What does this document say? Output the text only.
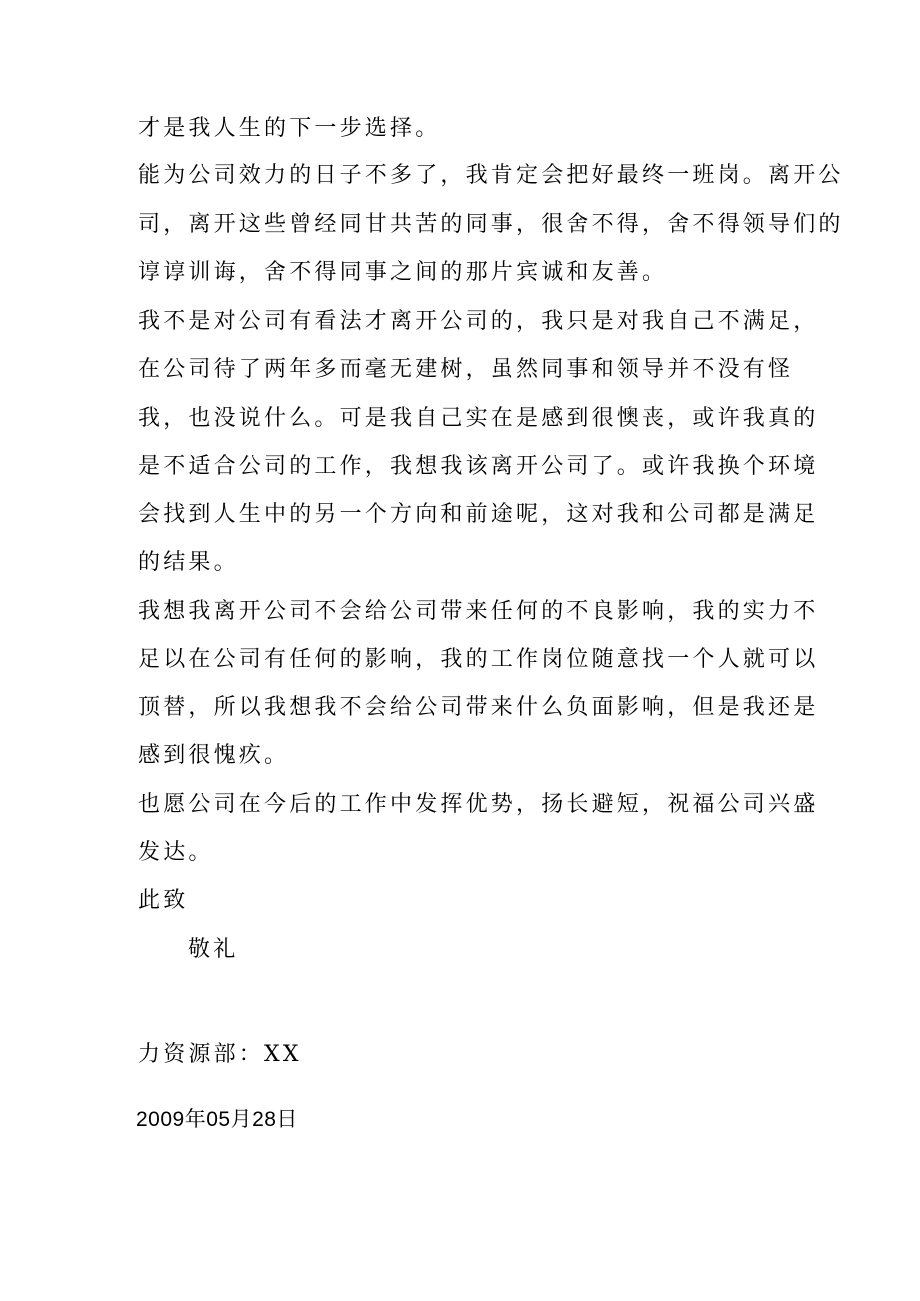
才是我人生的下一步选择。
能为公司效力的日子不多了，我肯定会把好最终一班岗。离开公
司，离开这些曾经同甘共苦的同事，很舍不得，舍不得领导们的
谆谆训诲，舍不得同事之间的那片宾诚和友善。
我不是对公司有看法才离开公司的，我只是对我自己不满足，
在公司待了两年多而毫无建树，虽然同事和领导并不没有怪
我，也没说什么。可是我自己实在是感到很懊丧，或许我真的
是不适合公司的工作，我想我该离开公司了。或许我换个环境
会找到人生中的另一个方向和前途呢，这对我和公司都是满足
的结果。
我想我离开公司不会给公司带来任何的不良影响，我的实力不
足以在公司有任何的影响，我的工作岗位随意找一个人就可以
顶替，所以我想我不会给公司带来什么负面影响，但是我还是
感到很愧疚。
也愿公司在今后的工作中发挥优势，扬长避短，祝福公司兴盛
发达。
此致
敬礼
力资源部：XX
2009年05月28日
